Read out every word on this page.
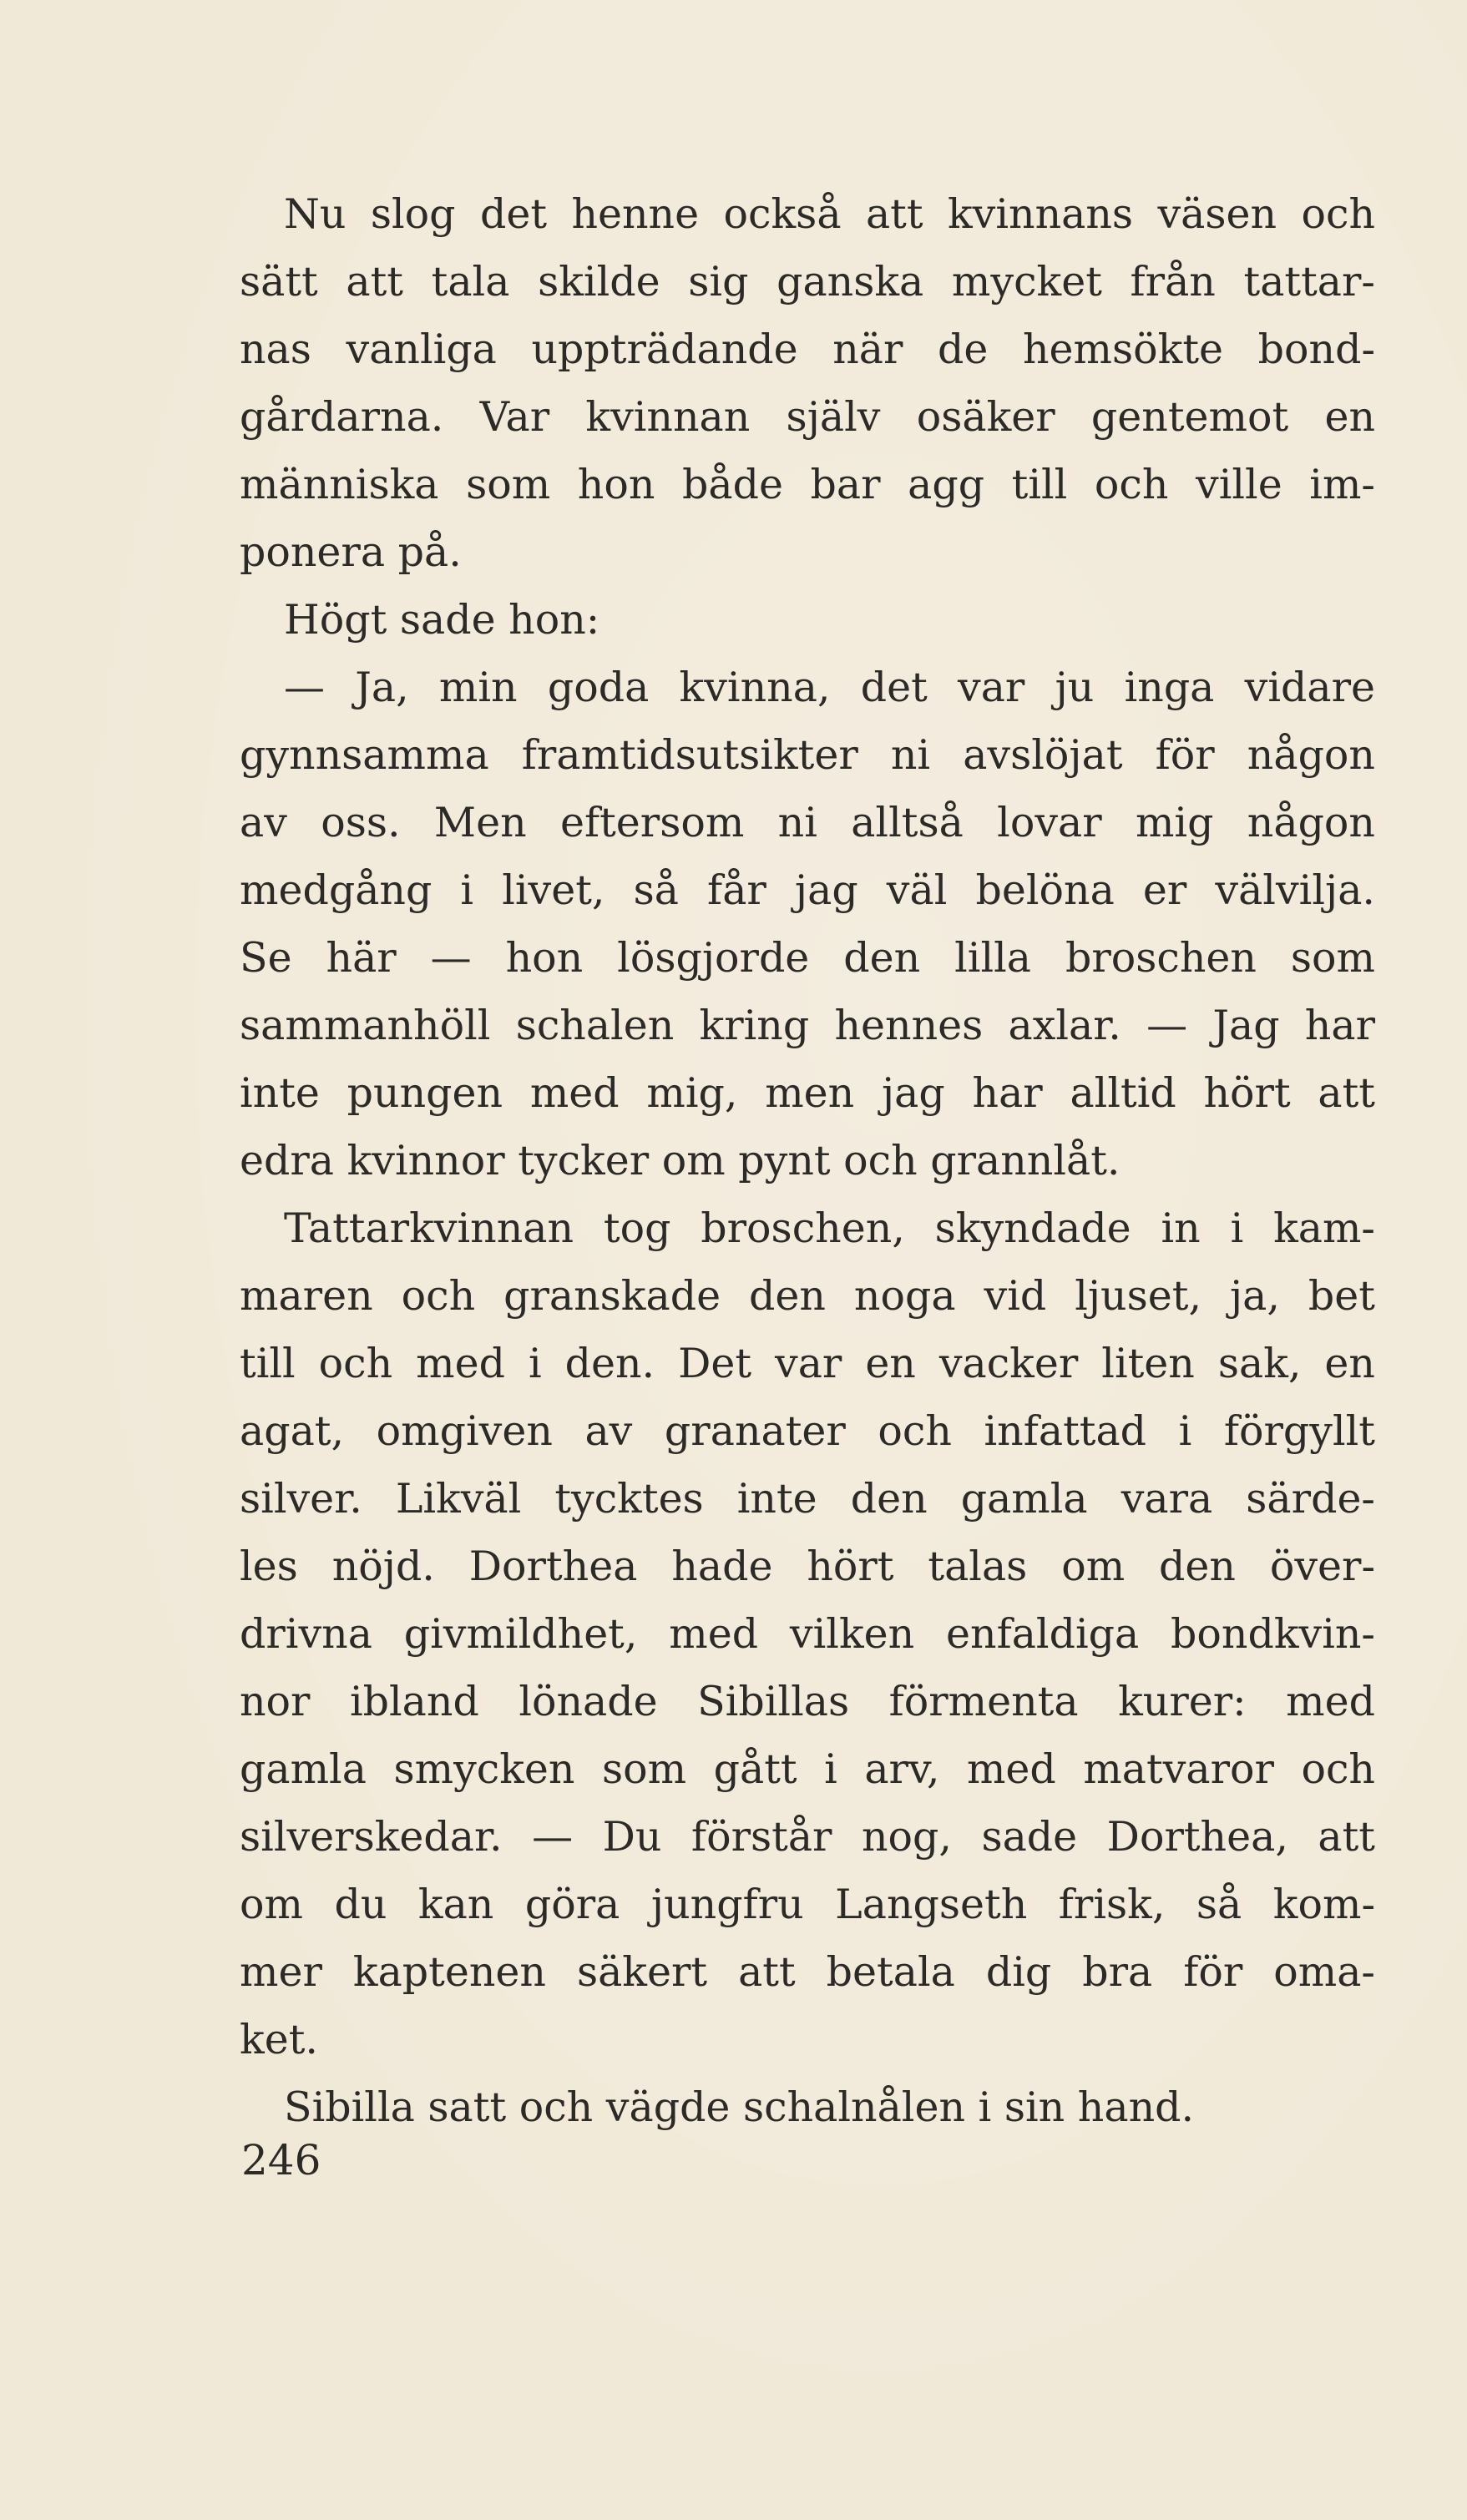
Nu slog det henne också att kvinnans väsen och
sätt att tala skilde sig ganska mycket från tattar-
nas vanliga uppträdande när de hemsökte bond-
gårdarna. Var kvinnan själv osäker gentemot en
människa som hon både bar agg till och ville im-
ponera på.
Högt sade hon:
— Ja, min goda kvinna, det var ju inga vidare
gynnsamma framtidsutsikter ni avslöjat för någon
av oss. Men eftersom ni alltså lovar mig någon
medgång i livet, så får jag väl belöna er välvilja.
Se här — hon lösgjorde den lilla broschen som
sammanhöll schalen kring hennes axlar. — Jag har
inte pungen med mig, men jag har alltid hört att
edra kvinnor tycker om pynt och grannlåt.
Tattarkvinnan tog broschen, skyndade in i kam-
maren och granskade den noga vid ljuset, ja, bet
till och med i den. Det var en vacker liten sak, en
agat, omgiven av granater och infattad i förgyllt
silver. Likväl tycktes inte den gamla vara särde-
les nöjd. Dorthea hade hört talas om den över-
drivna givmildhet, med vilken enfaldiga bondkvin-
nor ibland lönade Sibillas förmenta kurer: med
gamla smycken som gått i arv, med matvaror och
silverskedar. — Du förstår nog, sade Dorthea, att
om du kan göra jungfru Langseth frisk, så kom-
mer kaptenen säkert att betala dig bra för oma-
ket.
Sibilla satt och vägde schalnålen i sin hand.
246
